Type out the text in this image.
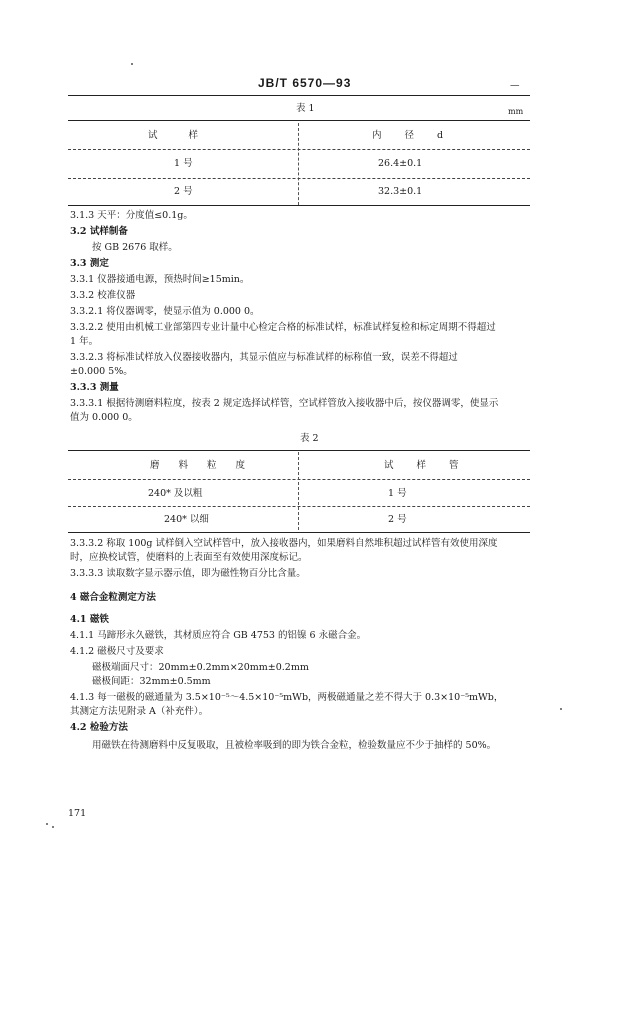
JB/T 6570—93	—
表 1	mm
试 样	内 径 d
1 号	26.4±0.1
2 号	32.3±0.1
3.1.3 天平：分度值≤0.1g。
3.2 试样制备
按 GB 2676 取样。
3.3 测定
3.3.1 仪器接通电源，预热时间≥15min。
3.3.2 校准仪器
3.3.2.1 将仪器调零，使显示值为 0.000 0。
3.3.2.2 使用由机械工业部第四专业计量中心检定合格的标准试样，标准试样复检和标定周期不得超过
1 年。
3.3.2.3 将标准试样放入仪器接收器内，其显示值应与标准试样的标称值一致，误差不得超过
±0.000 5%。
3.3.3 测量
3.3.3.1 根据待测磨料粒度，按表 2 规定选择试样管，空试样管放入接收器中后，按仪器调零，使显示
值为 0.000 0。
表 2
磨 料 粒 度	试 样 管
240* 及以粗	1 号
240* 以细	2 号
3.3.3.2 称取 100g 试样倒入空试样管中，放入接收器内，如果磨料自然堆积超过试样管有效使用深度
时，应换校试管，使磨料的上表面至有效使用深度标记。
3.3.3.3 读取数字显示器示值，即为磁性物百分比含量。
4 磁合金粒测定方法
4.1 磁铁
4.1.1 马蹄形永久磁铁，其材质应符合 GB 4753 的铝镍 6 永磁合金。
4.1.2 磁极尺寸及要求
磁极端面尺寸：20mm±0.2mm×20mm±0.2mm
磁极间距：32mm±0.5mm
4.1.3 每一磁极的磁通量为 3.5×10⁻⁵～4.5×10⁻⁵mWb，两极磁通量之差不得大于 0.3×10⁻⁵mWb，
其测定方法见附录 A（补充件）。
4.2 检验方法
用磁铁在待测磨料中反复吸取，且被检率吸到的即为铁合金粒，检验数量应不少于抽样的 50%。
171
